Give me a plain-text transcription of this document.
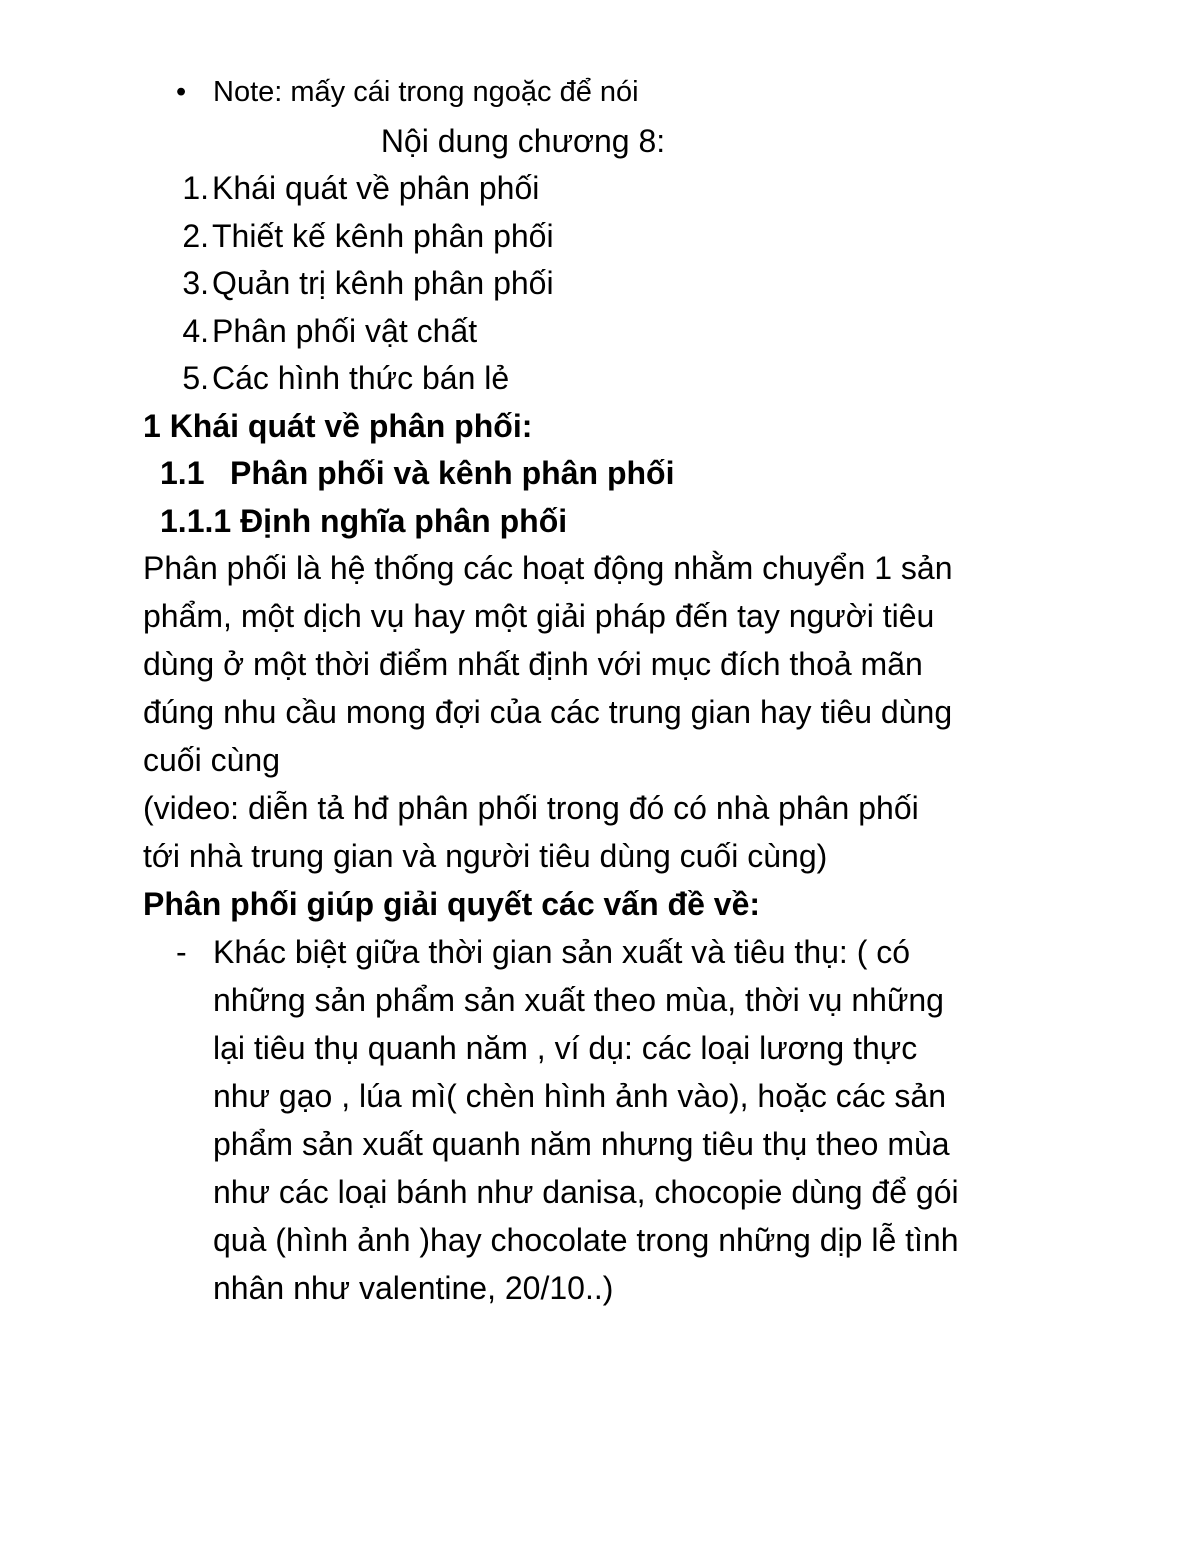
• Note: mấy cái trong ngoặc để nói
Nội dung chương 8:
1. Khái quát về phân phối
2. Thiết kế kênh phân phối
3. Quản trị kênh phân phối
4. Phân phối vật chất
5. Các hình thức bán lẻ
1 Khái quát về phân phối:
1.1 Phân phối và kênh phân phối
1.1.1 Định nghĩa phân phối

Phân phối là hệ thống các hoạt động nhằm chuyển 1 sản
phẩm, một dịch vụ hay một giải pháp đến tay người tiêu
dùng ở một thời điểm nhất định với mục đích thoả mãn
đúng nhu cầu mong đợi của các trung gian hay tiêu dùng
cuối cùng

(video: diễn tả hđ phân phối trong đó có nhà phân phối
tới nhà trung gian và người tiêu dùng cuối cùng)

Phân phối giúp giải quyết các vấn đề về:
- Khác biệt giữa thời gian sản xuất và tiêu thụ: ( có
những sản phẩm sản xuất theo mùa, thời vụ những
lại tiêu thụ quanh năm , ví dụ: các loại lương thực
như gạo , lúa mì( chèn hình ảnh vào), hoặc các sản
phẩm sản xuất quanh năm nhưng tiêu thụ theo mùa
như các loại bánh như danisa, chocopie dùng để gói
quà (hình ảnh )hay chocolate trong những dịp lễ tình
nhân như valentine, 20/10..)
